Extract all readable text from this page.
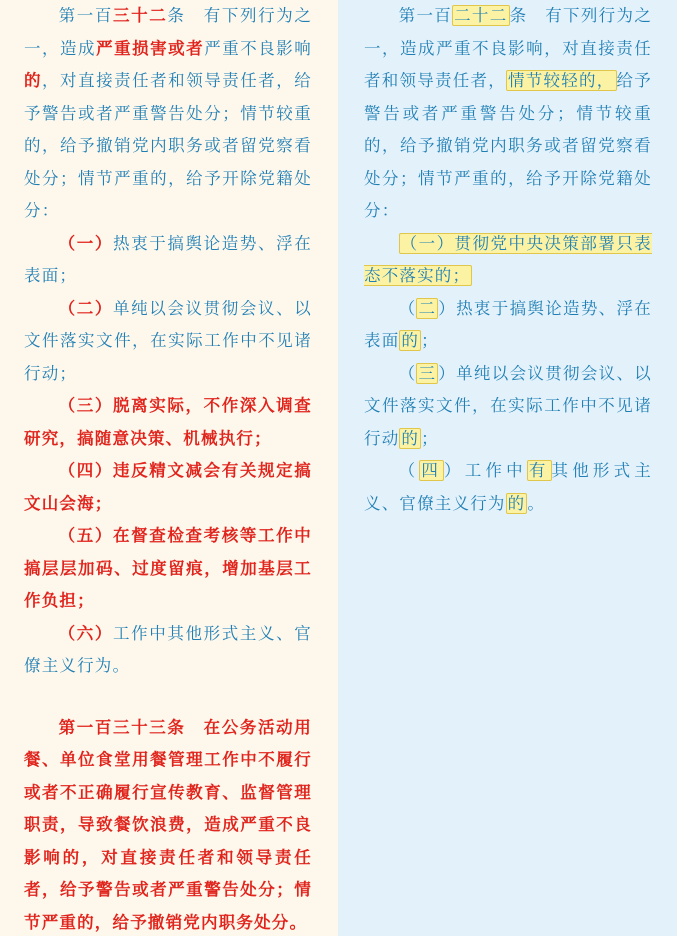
第一百三十二条　有下列行为之一，造成严重损害或者严重不良影响的，对直接责任者和领导责任者，给予警告或者严重警告处分；情节较重的，给予撤销党内职务或者留党察看处分；情节严重的，给予开除党籍处分：

（一）热衷于搞舆论造势、浮在表面；

（二）单纯以会议贯彻会议、以文件落实文件，在实际工作中不见诸行动；

（三）脱离实际，不作深入调查研究，搞随意决策、机械执行；

（四）违反精文减会有关规定搞文山会海；

（五）在督查检查考核等工作中搞层层加码、过度留痕，增加基层工作负担；

（六）工作中其他形式主义、官僚主义行为。

第一百三十三条　在公务活动用餐、单位食堂用餐管理工作中不履行或者不正确履行宣传教育、监督管理职责，导致餐饮浪费，造成严重不良影响的，对直接责任者和领导责任者，给予警告或者严重警告处分；情节严重的，给予撤销党内职务处分。

第一百 二十二 条　有下列行为之一，造成严重不良影响，对直接责任者和领导责任者， 情节较轻的， 给予警告或者严重警告处分；情节较重的，给予撤销党内职务或者留党察看处分；情节严重的，给予开除党籍处分：

（一）贯彻党中央决策部署只表态不落实的；

（ 二 ）热衷于搞舆论造势、浮在表面 的 ；

（ 三 ）单纯以会议贯彻会议、以文件落实文件，在实际工作中不见诸行动 的 ；

（ 四 ）工作中 有 其他形式主义、官僚主义行为 的 。
